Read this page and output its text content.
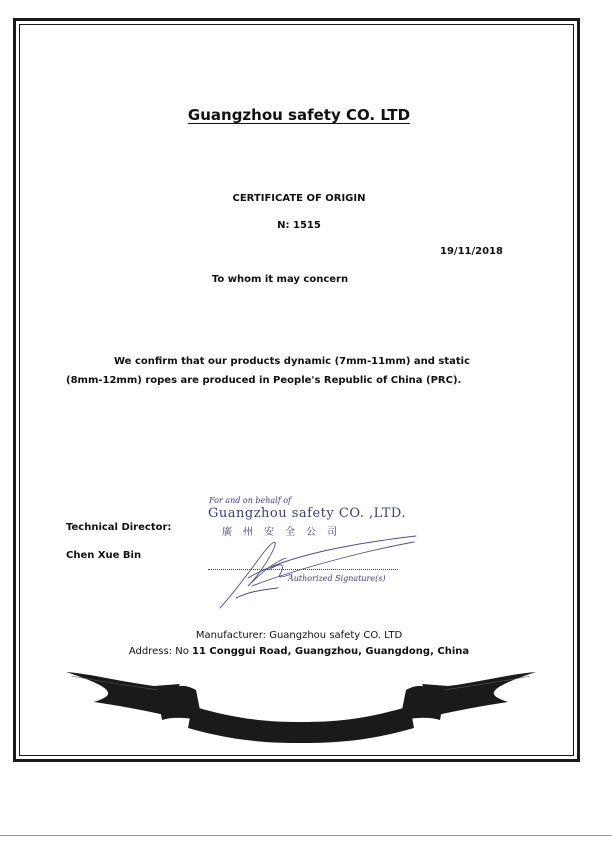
Guangzhou safety CO. LTD
CERTIFICATE OF ORIGIN
N: 1515
19/11/2018
To whom it may concern
We confirm that our products dynamic (7mm-11mm) and static (8mm-12mm) ropes are produced in People's Republic of China (PRC).
Technical Director:
Chen Xue Bin
For and on behalf of
Guangzhou safety CO. ,LTD.
廣州安全公司
Authorized Signature(s)
Manufacturer: Guangzhou safety CO. LTD
Address: No 11 Conggui Road, Guangzhou, Guangdong, China
